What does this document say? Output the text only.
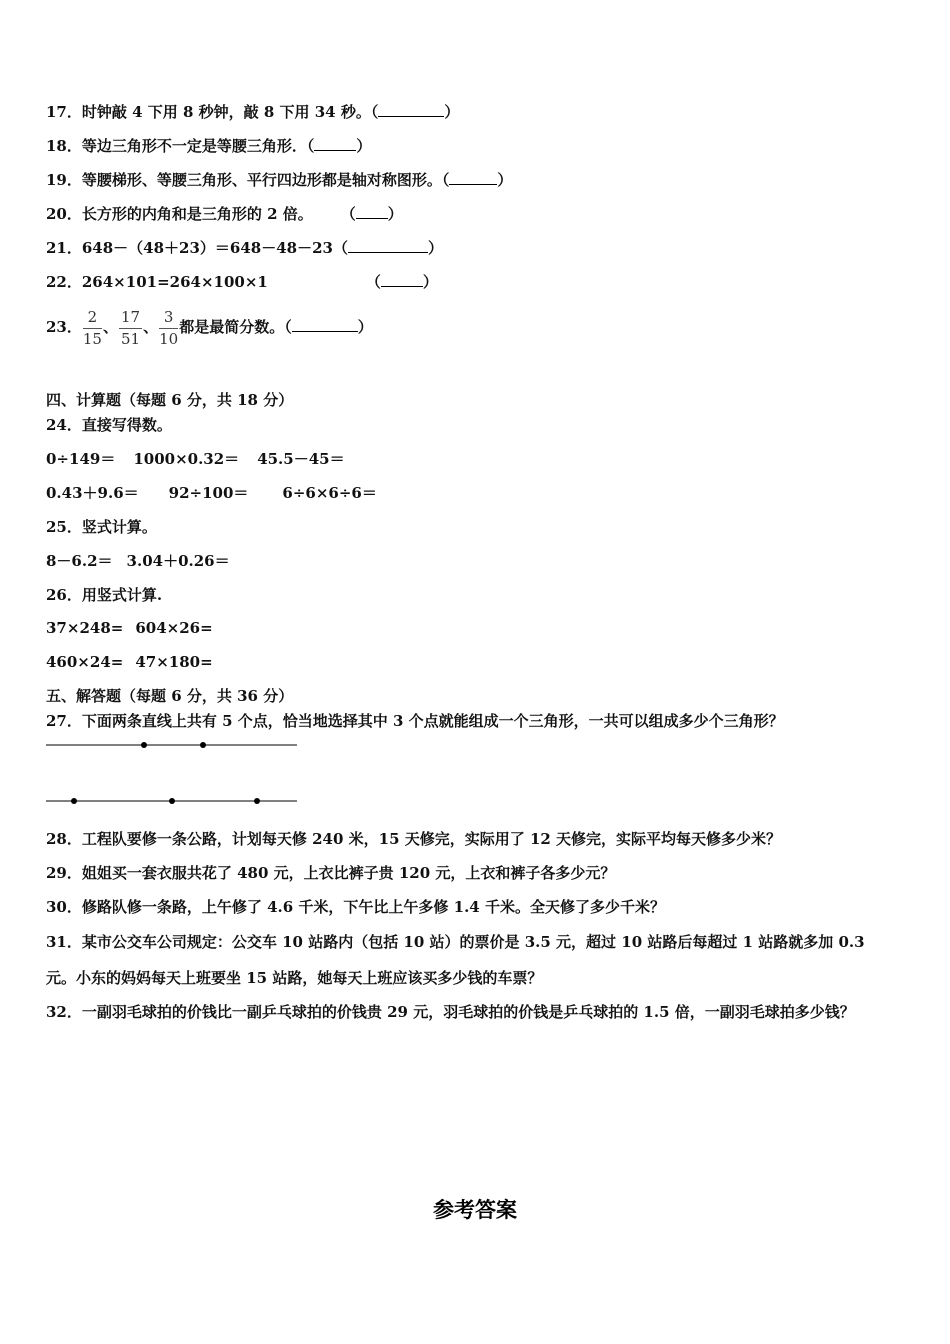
17．时钟敲 4 下用 8 秒钟，敲 8 下用 34 秒。（	）
18．等边三角形不一定是等腰三角形．（	）
19．等腰梯形、等腰三角形、平行四边形都是轴对称图形。（	）
20．长方形的内角和是三角形的 2 倍。 （ ）
21．648－（48＋23）＝648－48－23（	）
22．264×101=264×100×1	（	）
23． $\frac{2}{15}$ 、 $\frac{17}{51}$ 、 $\frac{3}{10}$ 都是最简分数。（	）
四、计算题（每题 6 分，共 18 分）
24．直接写得数。
0÷149＝ 1000×0.32＝ 45.5－45＝
0.43＋9.6＝ 92÷100＝ 6÷6×6÷6＝
25．竖式计算。
8－6.2＝ 3.04＋0.26＝
26．用竖式计算.
37×248= 604×26=
460×24= 47×180=
五、解答题（每题 6 分，共 36 分）
27．下面两条直线上共有 5 个点，恰当地选择其中 3 个点就能组成一个三角形，一共可以组成多少个三角形？
28．工程队要修一条公路，计划每天修 240 米，15 天修完，实际用了 12 天修完，实际平均每天修多少米？
29．姐姐买一套衣服共花了 480 元，上衣比裤子贵 120 元，上衣和裤子各多少元？
30．修路队修一条路，上午修了 4.6 千米，下午比上午多修 1.4 千米。全天修了多少千米？
31．某市公交车公司规定：公交车 10 站路内（包括 10 站）的票价是 3.5 元，超过 10 站路后每超过 1 站路就多加 0.3
元。小东的妈妈每天上班要坐 15 站路，她每天上班应该买多少钱的车票？
32．一副羽毛球拍的价钱比一副乒乓球拍的价钱贵 29 元，羽毛球拍的价钱是乒乓球拍的 1.5 倍，一副羽毛球拍多少钱？
参考答案
